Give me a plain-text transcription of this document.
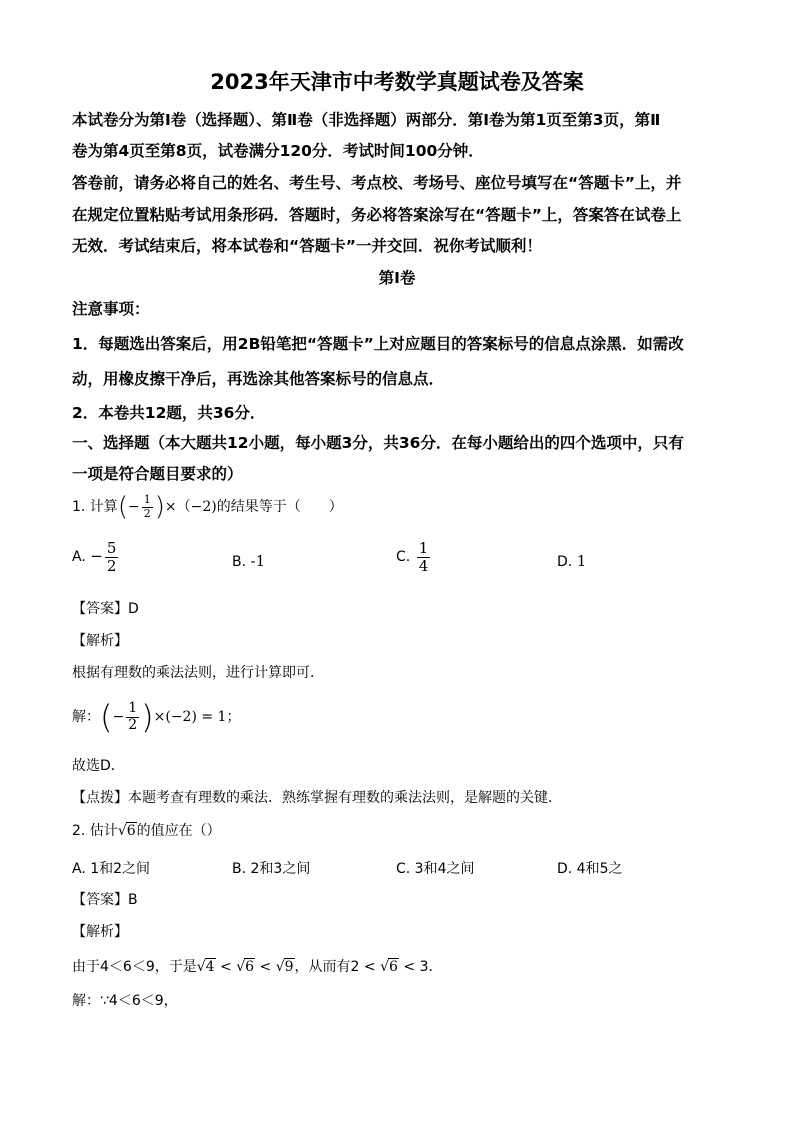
2023年天津市中考数学真题试卷及答案
本试卷分为第Ⅰ卷（选择题）、第Ⅱ卷（非选择题）两部分．第Ⅰ卷为第1页至第3页，第Ⅱ
卷为第4页至第8页，试卷满分120分．考试时间100分钟．
答卷前，请务必将自己的姓名、考生号、考点校、考场号、座位号填写在“答题卡”上，并
在规定位置粘贴考试用条形码．答题时，务必将答案涂写在“答题卡”上，答案答在试卷上
无效．考试结束后，将本试卷和“答题卡”一并交回．祝你考试顺利！
第Ⅰ卷
注意事项：
1．每题选出答案后，用2B铅笔把“答题卡”上对应题目的答案标号的信息点涂黑．如需改
动，用橡皮擦干净后，再选涂其他答案标号的信息点．
2．本卷共12题，共36分．
一、选择题（本大题共12小题，每小题3分，共36分．在每小题给出的四个选项中，只有
一项是符合题目要求的）
1. 计算(− $\frac{1}{2} )\times(-2)$的结果等于（　　）
A. − $\frac{5}{2}$	B. -1	C. $\frac{1}{4}$	D. 1
【答案】D
【解析】
根据有理数的乘法法则，进行计算即可．
解：(− $\frac{1}{2} )\times(-2) = 1$；
故选D．
【点拨】本题考查有理数的乘法．熟练掌握有理数的乘法法则，是解题的关键．
2. 估计√6的值应在（）
A. 1和2之间	B. 2和3之间	C. 3和4之间	D. 4和5之
【答案】B
【解析】
由于4＜6＜9，于是√4 < √6 < √9，从而有2 < √6 < 3．
解：∵4＜6＜9，
